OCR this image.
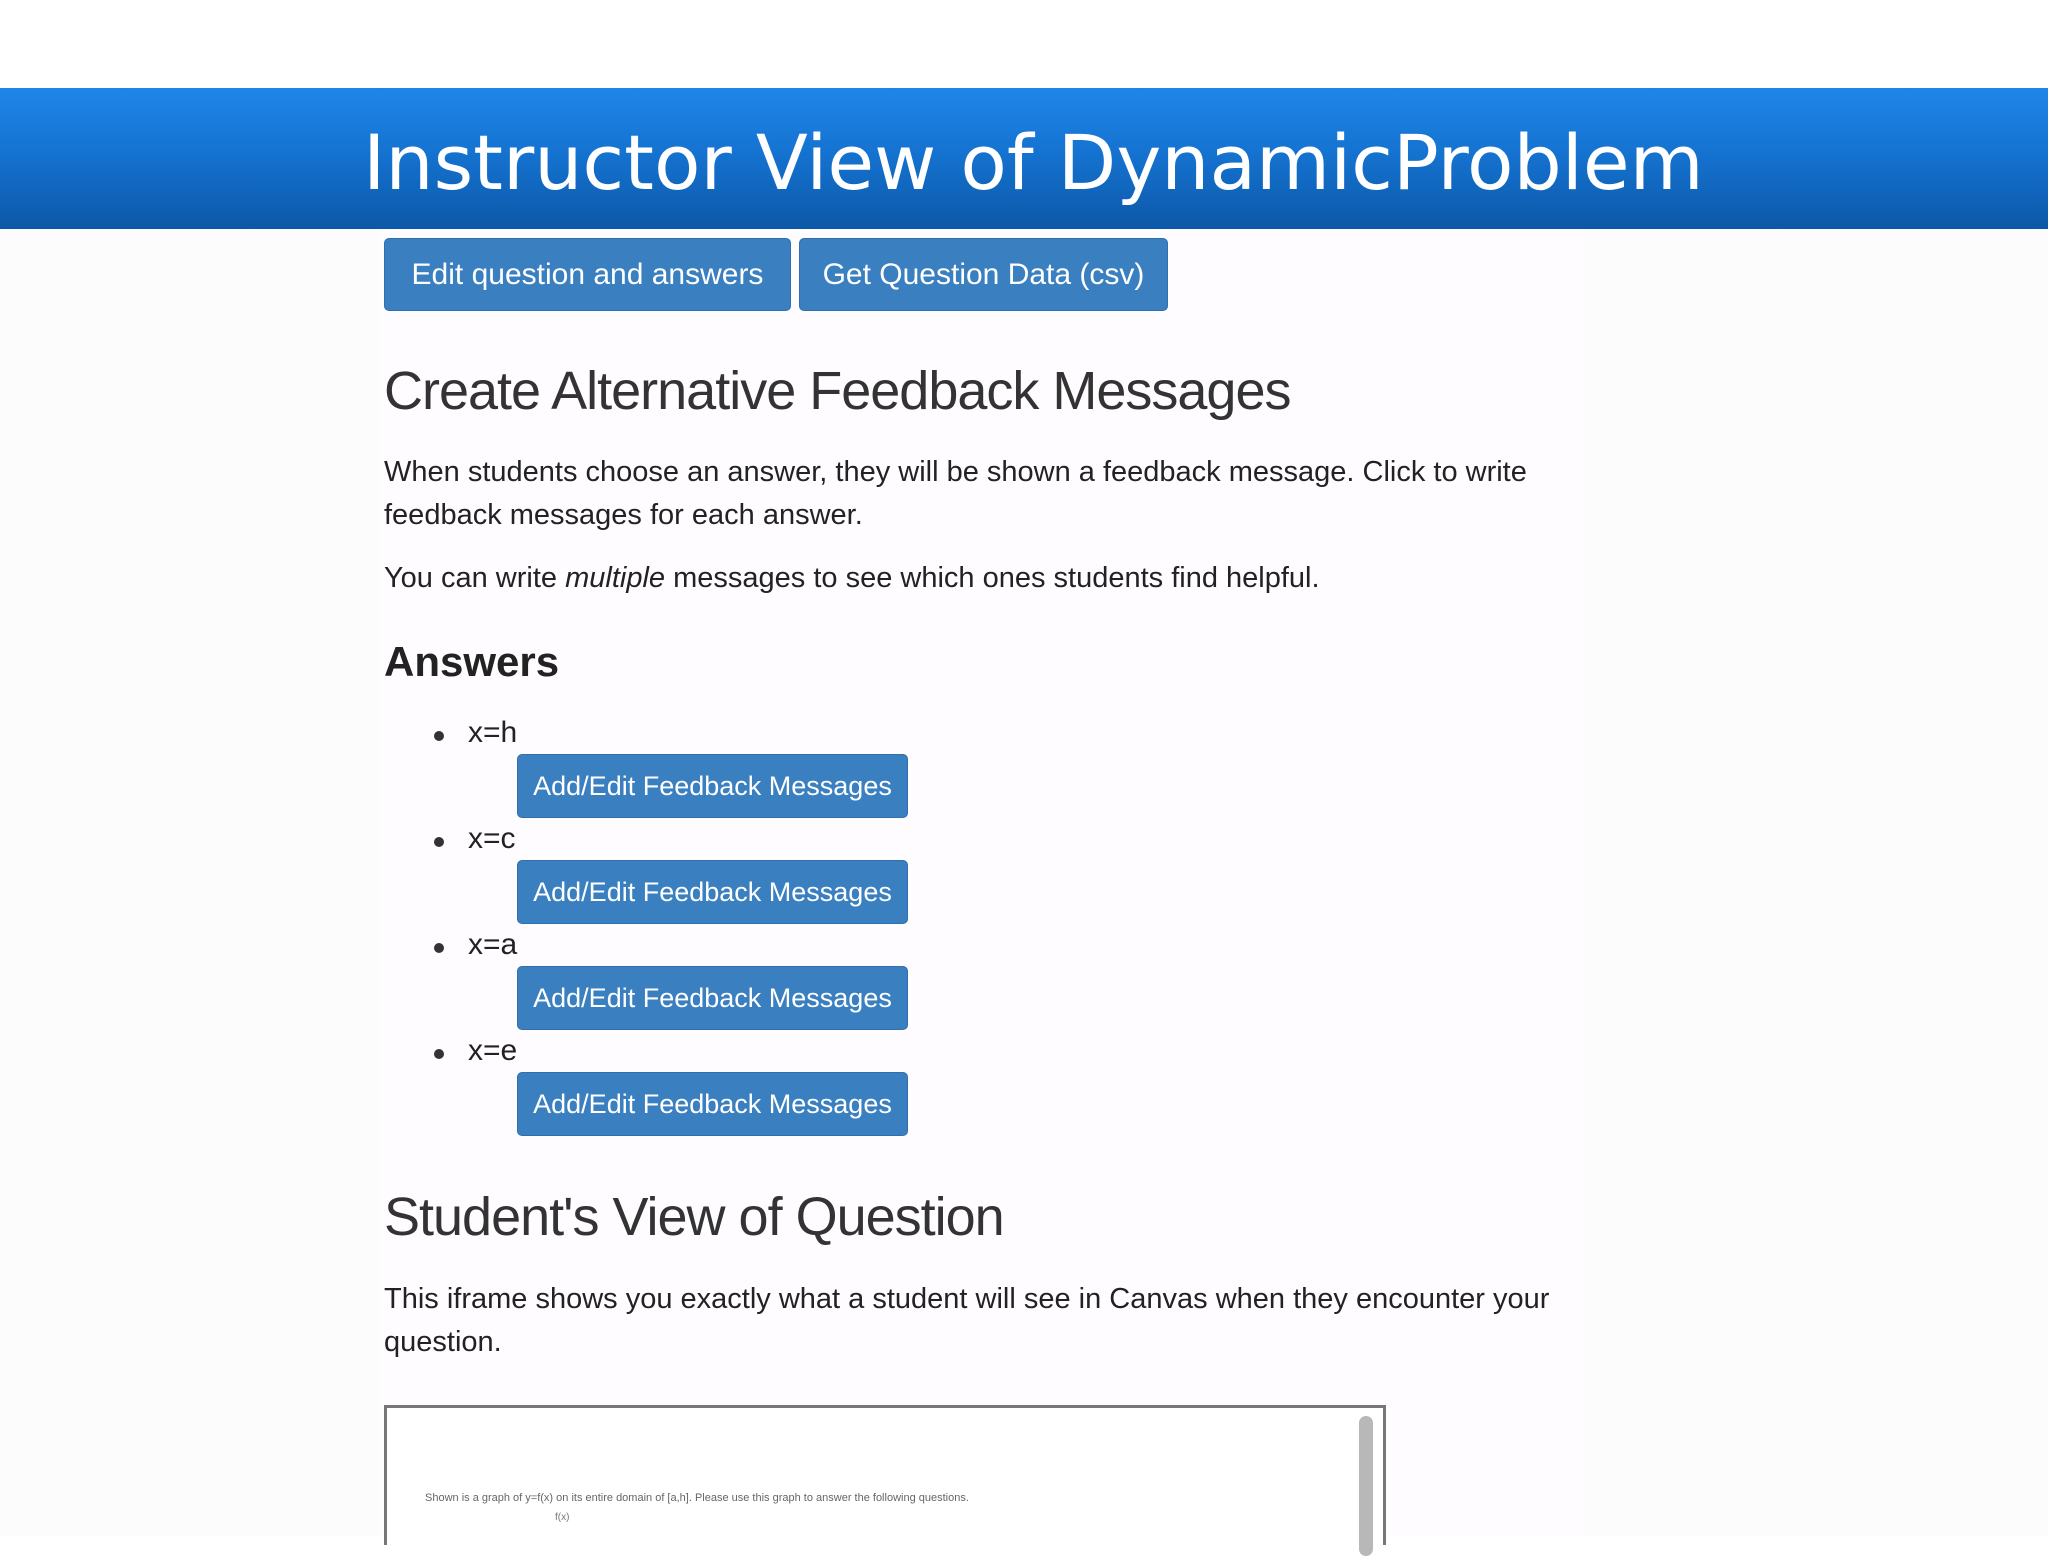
Instructor View of DynamicProblem
Edit question and answers	Get Question Data (csv)
Create Alternative Feedback Messages

When students choose an answer, they will be shown a feedback message. Click to write

feedback messages for each answer.

You can write multiple messages to see which ones students find helpful.

Answers
x=h
Add/Edit Feedback Messages
x=c
Add/Edit Feedback Messages
x=a
Add/Edit Feedback Messages
x=e
Add/Edit Feedback Messages
Student's View of Question

This iframe shows you exactly what a student will see in Canvas when they encounter your

question.

Shown is a graph of y=f(x) on its entire domain of [a,h]. Please use this graph to answer the following questions.
f(x)
